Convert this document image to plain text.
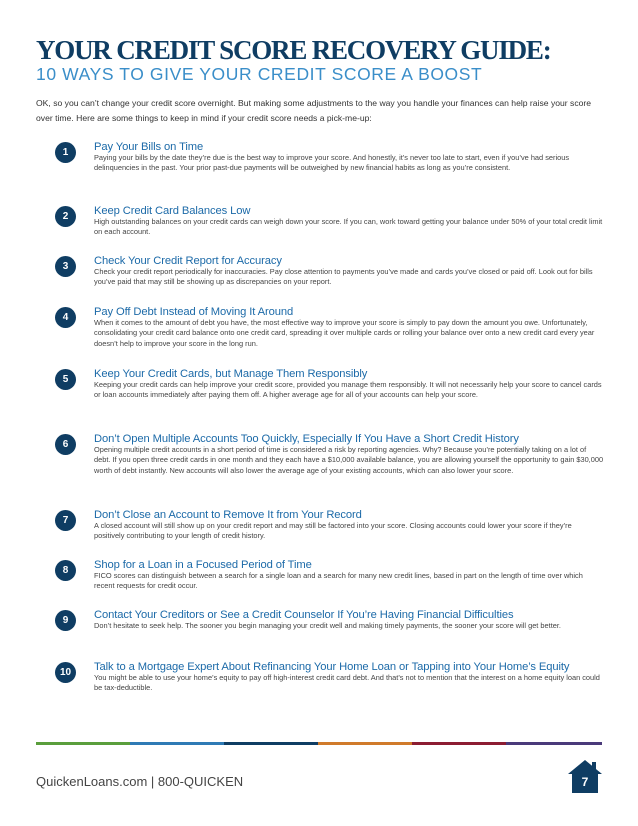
YOUR CREDIT SCORE RECOVERY GUIDE:
10 WAYS TO GIVE YOUR CREDIT SCORE A BOOST
OK, so you can’t change your credit score overnight. But making some adjustments to the way you handle your finances can help raise your score over time. Here are some things to keep in mind if your credit score needs a pick-me-up:
1	Pay Your Bills on Time
Paying your bills by the date they’re due is the best way to improve your score. And honestly, it’s never too late to start, even if you’ve had serious delinquencies in the past. Your prior past-due payments will be outweighed by new financial habits as long as you’re consistent.
2	Keep Credit Card Balances Low
High outstanding balances on your credit cards can weigh down your score. If you can, work toward getting your balance under 50% of your total credit limit on each account.
3	Check Your Credit Report for Accuracy
Check your credit report periodically for inaccuracies. Pay close attention to payments you’ve made and cards you’ve closed or paid off. Look out for bills you’ve paid that may still be showing up as discrepancies on your report.
4	Pay Off Debt Instead of Moving It Around
When it comes to the amount of debt you have, the most effective way to improve your score is simply to pay down the amount you owe. Unfortunately, consolidating your credit card balance onto one credit card, spreading it over multiple cards or rolling your balance over onto a new credit card every year doesn’t help to improve your score in the long run.
5	Keep Your Credit Cards, but Manage Them Responsibly
Keeping your credit cards can help improve your credit score, provided you manage them responsibly. It will not necessarily help your score to cancel cards or loan accounts immediately after paying them off. A higher average age for all of your accounts can help your score.
6	Don’t Open Multiple Accounts Too Quickly, Especially If You Have a Short Credit History
Opening multiple credit accounts in a short period of time is considered a risk by reporting agencies. Why? Because you’re potentially taking on a lot of debt. If you open three credit cards in one month and they each have a $10,000 available balance, you are allowing yourself the opportunity to gain $30,000 worth of debt instantly. New accounts will also lower the average age of your existing accounts, which can also lower your score.
7	Don’t Close an Account to Remove It from Your Record
A closed account will still show up on your credit report and may still be factored into your score. Closing accounts could lower your score if they’re positively contributing to your length of credit history.
8	Shop for a Loan in a Focused Period of Time
FICO scores can distinguish between a search for a single loan and a search for many new credit lines, based in part on the length of time over which recent requests for credit occur.
9	Contact Your Creditors or See a Credit Counselor If You’re Having Financial Difficulties
Don’t hesitate to seek help. The sooner you begin managing your credit well and making timely payments, the sooner your score will get better.
10	Talk to a Mortgage Expert About Refinancing Your Home Loan or Tapping into Your Home’s Equity
You might be able to use your home’s equity to pay off high-interest credit card debt. And that’s not to mention that the interest on a home equity loan could be tax-deductible.
QuickenLoans.com | 800-QUICKEN	7
